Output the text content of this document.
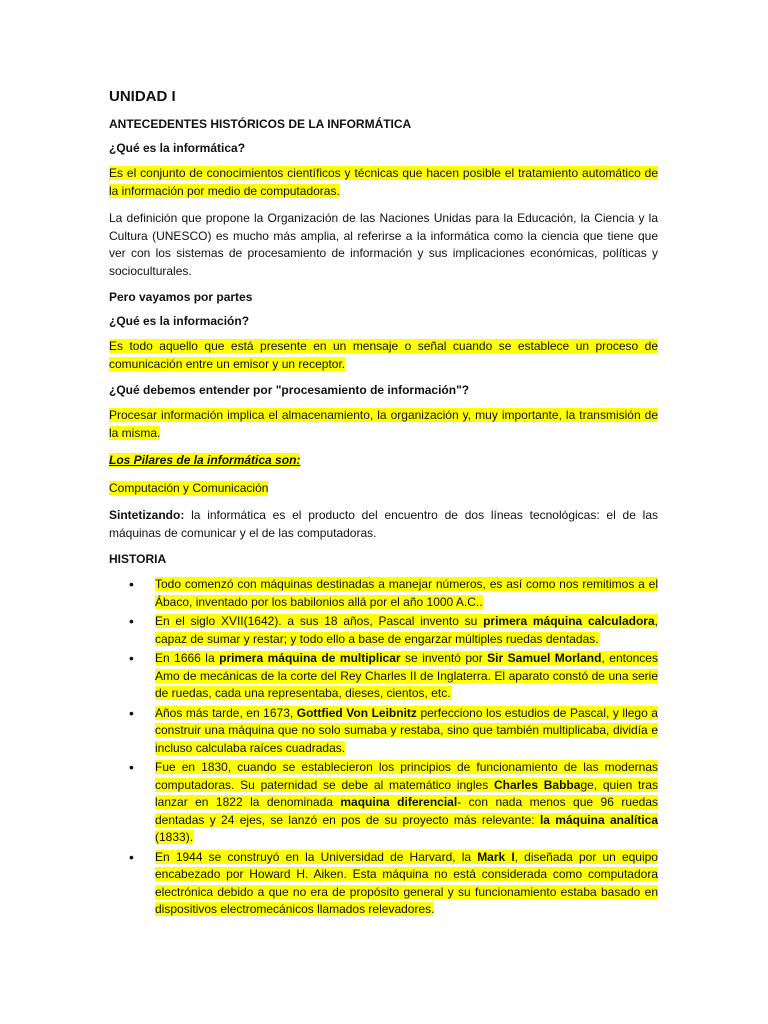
UNIDAD I
ANTECEDENTES HISTÓRICOS DE LA INFORMÁTICA
¿Qué es la informática?

Es el conjunto de conocimientos científicos y técnicas que hacen posible el tratamiento automático de la información por medio de computadoras.

La definición que propone la Organización de las Naciones Unidas para la Educación, la Ciencia y la Cultura (UNESCO) es mucho más amplia, al referirse a la informática como la ciencia que tiene que ver con los sistemas de procesamiento de información y sus implicaciones económicas, políticas y socioculturales.

Pero vayamos por partes
¿Qué es la información?

Es todo aquello que está presente en un mensaje o señal cuando se establece un proceso de comunicación entre un emisor y un receptor.

¿Qué debemos entender por "procesamiento de información"?

Procesar información implica el almacenamiento, la organización y, muy importante, la transmisión de la misma.

Los Pilares de la informática son:

Computación y Comunicación

Sintetizando: la informática es el producto del encuentro de dos líneas tecnológicas: el de las máquinas de comunicar y el de las computadoras.

HISTORIA
• Todo comenzó con máquinas destinadas a manejar números, es así como nos remitimos a el Ábaco, inventado por los babilonios allá por el año 1000 A.C..
• En el siglo XVII(1642). a sus 18 años, Pascal invento su primera máquina calculadora, capaz de sumar y restar; y todo ello a base de engarzar múltiples ruedas dentadas.
• En 1666 la primera máquina de multiplicar se inventó por Sir Samuel Morland, entonces Amo de mecánicas de la corte del Rey Charles II de Inglaterra. El aparato constó de una serie de ruedas, cada una representaba, dieses, cientos, etc.
• Años más tarde, en 1673, Gottfied Von Leibnitz perfecciono los estudios de Pascal, y llego a construir una máquina que no solo sumaba y restaba, sino que también multiplicaba, dividía e incluso calculaba raíces cuadradas.
• Fue en 1830, cuando se establecieron los principios de funcionamiento de las modernas computadoras. Su paternidad se debe al matemático ingles Charles Babbage, quien tras lanzar en 1822 la denominada maquina diferencial- con nada menos que 96 ruedas dentadas y 24 ejes, se lanzó en pos de su proyecto más relevante: la máquina analítica (1833).
• En 1944 se construyó en la Universidad de Harvard, la Mark I, diseñada por un equipo encabezado por Howard H. Aiken. Esta máquina no está considerada como computadora electrónica debido a que no era de propósito general y su funcionamiento estaba basado en dispositivos electromecánicos llamados relevadores.
